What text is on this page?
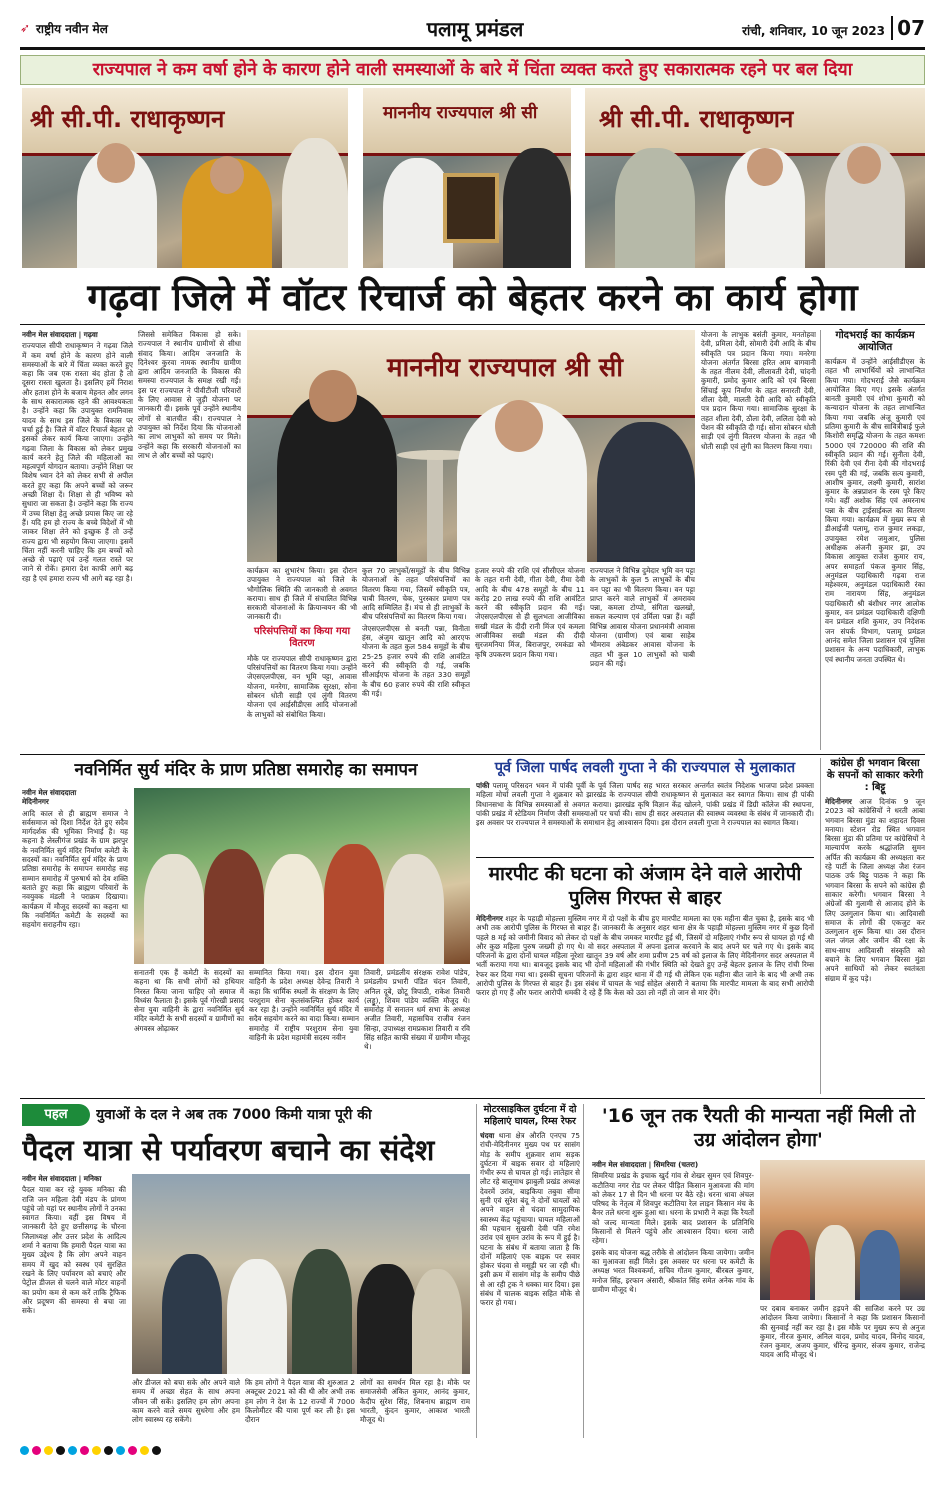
➶ राष्ट्रीय नवीन मेल	पलामू प्रमंडल	रांची, शनिवार, 10 जून 2023 07
राज्यपाल ने कम वर्षा होने के कारण होने वाली समस्याओं के बारे में चिंता व्यक्त करते हुए सकारात्मक रहने पर बल दिया
श्री सी.पी. राधाकृष्णन	माननीय राज्यपाल श्री सी	श्री सी.पी. राधाकृष्णन
गढ़वा जिले में वॉटर रिचार्ज को बेहतर करने का कार्य होगा

नवीन मेल संवाददाता | गढ़वा

राज्यपाल सीपी राधाकृष्णन ने गढ़वा जिले में कम वर्षा होने के कारण होने वाली समस्याओं के बारे में चिंता व्यक्त करते हुए कहा कि जब एक रास्ता बंद होता है तो दूसरा रास्ता खुलता है। इसलिए हमें निराश और हताश होने के बजाय मेहनत और लगन के साथ सकारात्मक रहने की आवश्यकता है। उन्होंने कहा कि उपायुक्त रामनिवास यादव के साथ इस जिले के विकास पर चर्चा हुई है। जिले में वॉटर रिचार्ज बेहतर हो इसको लेकर कार्य किया जाएगा। उन्होंने गढ़वा जिला के विकास को लेकर प्रमुख कार्य करने हेतु जिले की महिलाओं का महत्वपूर्ण योगदान बताया। उन्होंने शिक्षा पर विशेष ध्यान देने को लेकर सभी से अपील करते हुए कहा कि अपने बच्चों को जरूर अच्छी शिक्षा दें। शिक्षा से ही भविष्य को सुधारा जा सकता है। उन्होंने कहा कि राज्य में उच्च शिक्षा हेतु अच्छे प्रयास किए जा रहे हैं। यदि हम हो राज्य के बच्चे विदेशों में भी जाकर शिक्षा लेने को इच्छुक हैं तो उन्हें राज्य द्वारा भी सहयोग किया जाएगा। इसमें चिंता नहीं करनी चाहिए कि हम बच्चों को अच्छे से पढ़ाएं एवं उन्हें गलत रास्ते पर जाने से रोकें। हमारा देश काफी आगे बढ़ रहा है एवं हमारा राज्य भी आगे बढ़ रहा है।

जिससे समेकित विकास हो सके। राज्यपाल ने स्थानीय ग्रामीणों से सीधा संवाद किया। आदिम जनजाति के दिनेश्वर कुरवा नामक स्थानीय ग्रामीण द्वारा आदिम जनजाति के विकास की समस्या राज्यपाल के समक्ष रखी गई। इस पर राज्यपाल ने पीवीटीजी परिवारों के लिए आवास से जुड़ी योजना पर जानकारी दी। इसके पूर्व उन्होंने स्थानीय लोगों से बातचीत की। राज्यपाल ने उपायुक्त को निर्देश दिया कि योजनाओं का लाभ लाभुकों को समय पर मिले। उन्होंने कहा कि सरकारी योजनाओं का लाभ ले और बच्चों को पढ़ाएं।

माननीय राज्यपाल श्री सी

योजना के लाभुक बसंती कुमार, मनतोहवा देवी, प्रमिला देवी, सोमारी देवी आदि के बीच स्वीकृति पत्र प्रदान किया गया। मनरेगा योजना अंतर्गत बिरसा हरित आम बागवानी के तहत नीलम देवी, लीलावती देवी, चांदनी कुमारी, प्रमोद कुमार आदि को एवं बिरसा सिंचाई कूप निर्माण के तहत सनारती देवी, शीला देवी, मालती देवी आदि को स्वीकृति पत्र प्रदान किया गया। सामाजिक सुरक्षा के तहत शीला देवी, ठौला देवी, ललिता देवी को पेंशन की स्वीकृति दी गई। सोना सोबरन धोती साड़ी एवं लुंगी वितरण योजना के तहत भी धोती साड़ी एवं लुंगी का वितरण किया गया।

कार्यक्रम का शुभारंभ किया। इस दौरान उपायुक्त ने राज्यपाल को जिले के भौगोलिक स्थिति की जानकारी से अवगत कराया। साथ ही जिले में संचालित विभिन्न सरकारी योजनाओं के क्रियान्वयन की भी जानकारी दी।

परिसंपत्तियों का किया गया वितरण

मौके पर राज्यपाल सीपी राधाकृष्णन द्वारा परिसंपत्तियों का वितरण किया गया। उन्होंने जेएसएलपीएस, वन भूमि पट्टा, आवास योजना, मनरेगा, सामाजिक सुरक्षा, सोना सोबरन धोती साड़ी एवं लुंगी वितरण योजना एवं आईसीडीएस आदि योजनाओं के लाभुकों को संबोधित किया।

कुल 70 लाभुकों/समूहों के बीच विभिन्न योजनाओं के तहत परिसंपत्तियों का वितरण किया गया, जिसमें स्वीकृति पत्र, चाबी वितरण, चेक, पुरस्कार प्रमाण पत्र आदि सम्मिलित हैं। मंच से ही लाभुकों के बीच परिसंपत्तियों का वितरण किया गया।

जेएसएलपीएस से बनती पन्ना, विनीता हंस, अंजुम खातून आदि को आरएफ योजना के तहत कुल 584 समूहों के बीच 25-25 हजार रुपये की राशि आवंटित करने की स्वीकृति दी गई, जबकि सीआईएफ योजना के तहत 330 समूहों के बीच 60 हजार रुपये की राशि स्वीकृत की गई।

हजार रुपये की राशि एवं सीसीएल योजना के तहत रानी देवी, गीता देवी, रीमा देवी आदि के बीच 478 समूहों के बीच 11 करोड़ 20 लाख रुपये की राशि आवंटित करने की स्वीकृति प्रदान की गई। जेएसएलपीएस से ही सुलभता आजीविका सखी मंडल के दीदी रानी मिंज एवं कमला आजीविका सखी मंडल की दीदी सुरजमनिया मिंज, बिराजपुर, रमकंडा को कृषि उपकरण प्रदान किया गया।

राज्यपाल ने विभिन्न दुमेदार भूमि वन पट्टा के लाभुकों के कुल 5 लाभुकों के बीच वन पट्टा का भी वितरण किया। वन पट्टा प्राप्त करने वाले लाभुकों में अमरावव पन्ना, कमला टोप्पो, संगिता खलखो, सकल कल्याण एवं उर्मिला पन्ना हैं। वहीं विभिन्न आवास योजना प्रधानमंत्री आवास योजना (ग्रामीण) एवं बाबा साहेब भीमराव अंबेडकर आवास योजना के तहत भी कुल 10 लाभुकों को चाबी प्रदान की गई।

गोदभराई का कार्यक्रम आयोजित
कार्यक्रम में उन्होंने आईसीडीएस के तहत भी लाभार्थियों को लाभान्वित किया गया। गोदभराई जैसे कार्यक्रम आयोजित किए गए। इसके अंतर्गत बानती कुमारी एवं शोभा कुमारी को कन्यादान योजना के तहत लाभान्वित किया गया जबकि अंजू कुमारी एवं प्रतिमा कुमारी के बीच सावित्रीबाई फुले किशोरी समृद्धि योजना के तहत कमशः 5000 एवं 720000 की राशि की स्वीकृति प्रदान की गई। सुनीता देवी, रिंकी देवी एवं रीना देवी की गोदभराई रस्म पूरी की गई, जबकि सत्य कुमारी, आशीष कुमार, लक्ष्मी कुमारी, सारांश कुमार के अन्नप्राशन के रस्म पूरे किए गये। वहीं अशोक सिंह एवं अमरनाथ पन्ना के बीच ट्राईसाईकल का वितरण किया गया। कार्यक्रम में मुख्य रूप से डीआईजी पलामू, राज कुमार लकड़ा, उपायुक्त रमेश जमुआर, पुलिस अधीक्षक अंजनी कुमार झा, उप विकास आयुक्त राजेश कुमार राय, अपर समाहर्ता पंकज कुमार सिंह, अनुमंडल पदाधिकारी गढ़वा राज महेश्वरम, अनुमंडल पदाधिकारी रंका राम नारायण सिंह, अनुमंडल पदाधिकारी श्री बंशीधर नगर आलोक कुमार, वन प्रमंडल पदाधिकारी दक्षिणी वन प्रमंडल शशि कुमार, उप निदेशक जन संपर्क विभाग, पलामू प्रमंडल आनंद समेत जिला प्रशासन एवं पुलिस प्रशासन के अन्य पदाधिकारी, लाभुक एवं स्थानीय जनता उपस्थित थे।
नवनिर्मित सुर्य मंदिर के प्राण प्रतिष्ठा समारोह का समापन

नवीन मेल संवाददाता
मेदिनीनगर

आदि काल से ही ब्राह्मण समाज ने सर्वसमाज को दिशा निर्देश देते हुए सदैव मार्गदर्शक की भूमिका निभाई है। यह कहना है लेस्लीगंज प्रखंड के ग्राम झरपुर के नवनिर्मित सुर्य मंदिर निर्माण कमेटी के सदस्यों का। नवनिर्मित सुर्य मंदिर के प्राण प्रतिष्ठा समारोह के समापन समारोह सह सम्मान समारोह में पुरुषार्थ को देव शक्ति बताते हुए कहा कि ब्राह्मण परिवारों के नवयुवक मंडली ने पराक्रम दिखाया। कार्यक्रम में मौजूद सदस्यों का कहना था कि नवनिर्मित कमेटी के सदस्यों का सहयोग सराहनीय रहा।

सनातनी एक हैं कमेटी के सदस्यों का कहना था कि सभी लोगों को हथियार निरस्त किया जाना चाहिए जो समाज में विध्वंस फैलाता है। इसके पूर्व गोरखी प्रसाद सेना युवा वाहिनी के द्वारा नवनिर्मित सुर्य मंदिर कमेटी के सभी सदस्यों व ग्रामीणों का अंगवस्त्र ओढ़ाकर

सम्मानित किया गया। इस दौरान युवा वाहिनी के प्रदेश अध्यक्ष देवेन्द्र तिवारी ने कहा कि धार्मिक स्थलों के संरक्षण के लिए परशुराम सेना कृतसंकल्पित होकर कार्य कर रहा है। उन्होंने नवनिर्मित सुर्य मंदिर में सदैव सहयोग करने का वादा किया। सम्मान समारोह में राष्ट्रीय परशुराम सेना युवा वाहिनी के प्रदेश महामंत्री सदस्य नवीन

तिवारी, प्रमंडलीय संरक्षक रावेश पांडेय, प्रमंडलीय प्रभारी पंडित चंदन तिवारी, अनिल दूबे, छोटू त्रिपाठी, राकेश तिवारी (लड्डू), शिवम पांडेय व्यक्ति मौजूद थे। समारोह में सनातन धर्म सभा के अध्यक्ष अजीत तिवारी, महासचिव राजीव रंजन सिन्हा, उपाध्यक्ष रामप्रकाश तिवारी व रवि सिंह सहित काफी संख्या में ग्रामीण मौजूद थे।

पूर्व जिला पार्षद लवली गुप्ता ने की राज्यपाल से मुलाकात
पांकी पलामू परिसदन भवन में पांकी पूर्वी के पूर्व जिला पार्षद सह भारत सरकार अन्तर्गत स्वतंत्र निदेशक भाजपा प्रदेश प्रवक्ता महिला मोर्चा लवली गुप्ता ने शुक्रवार को झारखंड के राज्यपाल सीपी राधाकृष्णन से मुलाकात कर स्वागत किया। साथ ही पांकी विधानसभा के विभिन्न समस्याओं से अवगत कराया। झारखंड कृषि विज्ञान केंद्र खोलने, पांकी प्रखंड में डिग्री कॉलेज की स्थापना, पांकी प्रखंड में स्टेडियम निर्माण जैसी समस्याओं पर चर्चा की। साथ ही सदर अस्पताल की स्वास्थ्य व्यवस्था के संबंध में जानकारी दी। इस अवसर पर राज्यपाल ने समस्याओं के समाधान हेतु आश्वासन दिया। इस दौरान लवली गुप्ता ने राज्यपाल का स्वागत किया।
मारपीट की घटना को अंजाम देने वाले आरोपी पुलिस गिरफ्त से बाहर
मेदिनीनगर शहर के पहाड़ी मोहल्ला मुस्लिम नगर में दो पक्षों के बीच हुए मारपीट मामला का एक महीना बीत चुका है, इसके बाद भी अभी तक आरोपी पुलिस के गिरफ्त से बाहर हैं। जानकारी के अनुसार शहर थाना क्षेत्र के पहाड़ी मोहल्ला मुस्लिम नगर में कुछ दिनों पहले 8 मई को जमीनी विवाद को लेकर दो पक्षों के बीच जमकर मारपीट हुई थी, जिसमें दो महिलाएं गंभीर रूप से घायल हो गई थी और कुछ महिला पुरुष जख्मी हो गए थे। वो सदर अस्पताल में अपना इलाज करवाने के बाद अपने घर चले गए थे। इसके बाद परिजनों के द्वारा दोनों घायल महिला नूरेशा खातून 39 वर्ष और शमा प्रवीण 25 वर्ष को इलाज के लिए मेदिनीनगर सदर अस्पताल में भर्ती कराया गया था। बावजूद इसके बाद भी दोनों महिलाओं की गंभीर स्थिति को देखते हुए उन्हें बेहतर इलाज के लिए रांची रिम्स रेफर कर दिया गया था। इसकी सूचना परिजनों के द्वारा शहर थाना में दी गई थी लेकिन एक महीना बीत जाने के बाद भी अभी तक आरोपी पुलिस के गिरफ्त से बाहर हैं। इस संबंध में घायल के भाई सोहेल अंसारी ने बताया कि मारपीट मामला के बाद सभी आरोपी फरार हो गए हैं और फरार आरोपी धमकी दे रहे हैं कि केस को उठा लो नहीं तो जान से मार देंगे।
कांग्रेस ही भगवान बिरसा के सपनों को साकार करेगी : बिट्टू
मेदिनीनगर आज दिनांक 9 जून 2023 को कांग्रेसियों ने धरती आबा भगवान बिरसा मुंडा का शहादत दिवस मनाया। स्टेशन रोड स्थित भगवान बिरसा मुंडा की प्रतिमा पर कांग्रेसियों ने माल्यार्पण करके श्रद्धांजलि सुमन अर्पित की कार्यक्रम की अध्यक्षता कर रहे पार्टी के जिला अध्यक्ष जैश रंजन पाठक उर्फ बिट्टू पाठक ने कहा कि भगवान बिरसा के सपने को कांग्रेस ही साकार करेगी। भगवान बिरसा ने अंग्रेजों की गुलामी से आजाद होने के लिए उलगुलान किया था। आदिवासी समाज के लोगों की एकजुट कर उलगुलान शुरू किया था। उस दौरान जल जंगल और जमीन की रक्षा के साथ-साथ आदिवासी संस्कृति को बचाने के लिए भगवान बिरसा मुंडा अपने साथियों को लेकर स्वतंत्रता संग्राम में कूद पड़े।
पहल	युवाओं के दल ने अब तक 7000 किमी यात्रा पूरी की
पैदल यात्रा से पर्यावरण बचाने का संदेश

नवीन मेल संवाददाता | मनिका

पैदल यात्रा कर रहे युवक मनिका की राजि जन महिला देवी मंडप के प्रांगण पहुंचे जो यहां पर स्थानीय लोगों ने उनका स्वागत किया। वहीं इस विषय में जानकारी देते हुए छत्तीसगढ़ के चौरना जिलाध्यक्ष और उत्तर प्रदेश के आदित्य शर्मा ने बताया कि हमारी पैदल यात्रा का मुख्य उद्देश्य है कि लोग अपने वाहन समय में खुद को स्वस्थ एवं सुरक्षित रखने के लिए पर्यावरण को बचाएं और पेट्रोल डीजल से चलने वाले मोटर वाहनों का प्रयोग कम से कम करें ताकि ट्रैफिक और प्रदूषण की समस्या से बचा जा सके।

और डीजल को बचा सके और अपने वाले समय में अच्छा सेहत के साथ अपना जीवन जी सकें। इसलिए हम लोग अपना काम करने वाले समय सुधरेगा और हम लोग स्वास्थ्य रह सकेंगे।

कि हम लोगों ने पैदल यात्रा की शुरुआत 2 अक्टूबर 2021 को की थी और अभी तक हम लोग ने देश के 12 राज्यों में 7000 किलोमीटर की यात्रा पूर्ण कर ली है। इस दौरान

लोगों का समर्थन मिल रहा है। मौके पर समाजसेवी अंकित कुमार, आनंद कुमार, केदीप सुरेश सिंह, शिबनाथ ब्राह्मण राम भारती, कुंदन कुमार, आकाश भारती मौजूद थे।

मोटरसाइकिल दुर्घटना में दो महिलाएं घायल, रिम्स रेफर
चंदवा थाना क्षेत्र औरति एनएच 75 रांची-मेदिनीनगर मुख्य पथ पर सासंग मोड़ के समीप शुक्रवार शाम सड़क दुर्घटना में बाइक सवार दो महिलाएं गंभीर रूप से घायल हो गई। लातेहार से लौट रहे बालूमाथ झाबुली प्रखंड अध्यक्ष देवरमें उरांव, बाइकिया तबुवा सीमा सुनी एवं सुरेश बंदू ने दोनों घायलों को अपने वाहन से चंदवा सामुदायिक स्वास्थ्य केंद्र पहुंचाया। घायल महिलाओं की पहचान सुखसी देवी पति रमेश उरांव एवं सुमन उरांव के रूप में हुई है। घटना के संबंध में बताया जाता है कि दोनों महिलाएं एक बाइक पर सवार होकर चंदवा से मसूड़ी घर जा रही थी। इसी क्रम में सासंग मोड़ के समीप पीछे से आ रही ट्रक ने धक्का मार दिया। इस संबंध में चालक बाइक सहित मौके से फरार हो गया।
'16 जून तक रैयती की मान्यता नहीं मिली तो उग्र आंदोलन होगा'

नवीन मेल संवाददाता | सिमरिया (चतरा)

सिमरिया प्रखंड के इचाक खुर्द गांव से शेखर सुमन एवं शिवपुर-कटौतिया नगर रोड पर लेकर पीड़ित किसान मुआवजा की मांग को लेकर 17 से दिन भी धरना पर बैठे रहे। धरना धावा अंचल परिषद के नेतृत्व में शिवपुर कटौतिया रेल लाइन किसान मंच के बैनर तले धरना शुरू हुआ था। धरना के प्रभारी ने कहा कि रैयतों को जल्द मान्यता मिले। इसके बाद प्रशासन के प्रतिनिधि किसानों से मिलने पहुंचे और आश्वासन दिया। धरना जारी रहेगा।

इसके बाद योजना बद्ध तरीके से आंदोलन किया जायेगा। जमीन का मुआवजा सही मिले। इस अवसर पर धरना पर कमेटी के अध्यक्ष भरत विश्वकर्मा, सचिव गौतम कुमार, बीरबल कुमार, मनोज सिंह, इरफान अंसारी, श्रीकांत सिंह समेत अनेक गांव के ग्रामीण मौजूद थे।

पर दबाव बनाकर जमीन हड़पने की साजिश करने पर उग्र आंदोलन किया जायेगा। किसानों ने कहा कि प्रशासन किसानों की सुनवाई नहीं कर रहा है। इस मौके पर मुख्य रूप से अनुज कुमार, नीरज कुमार, अनिल यादव, प्रमोद यादव, विनोद यादव, रंजन कुमार, अजय कुमार, धीरेन्द्र कुमार, संजय कुमार, राजेन्द्र यादव आदि मौजूद थे।
